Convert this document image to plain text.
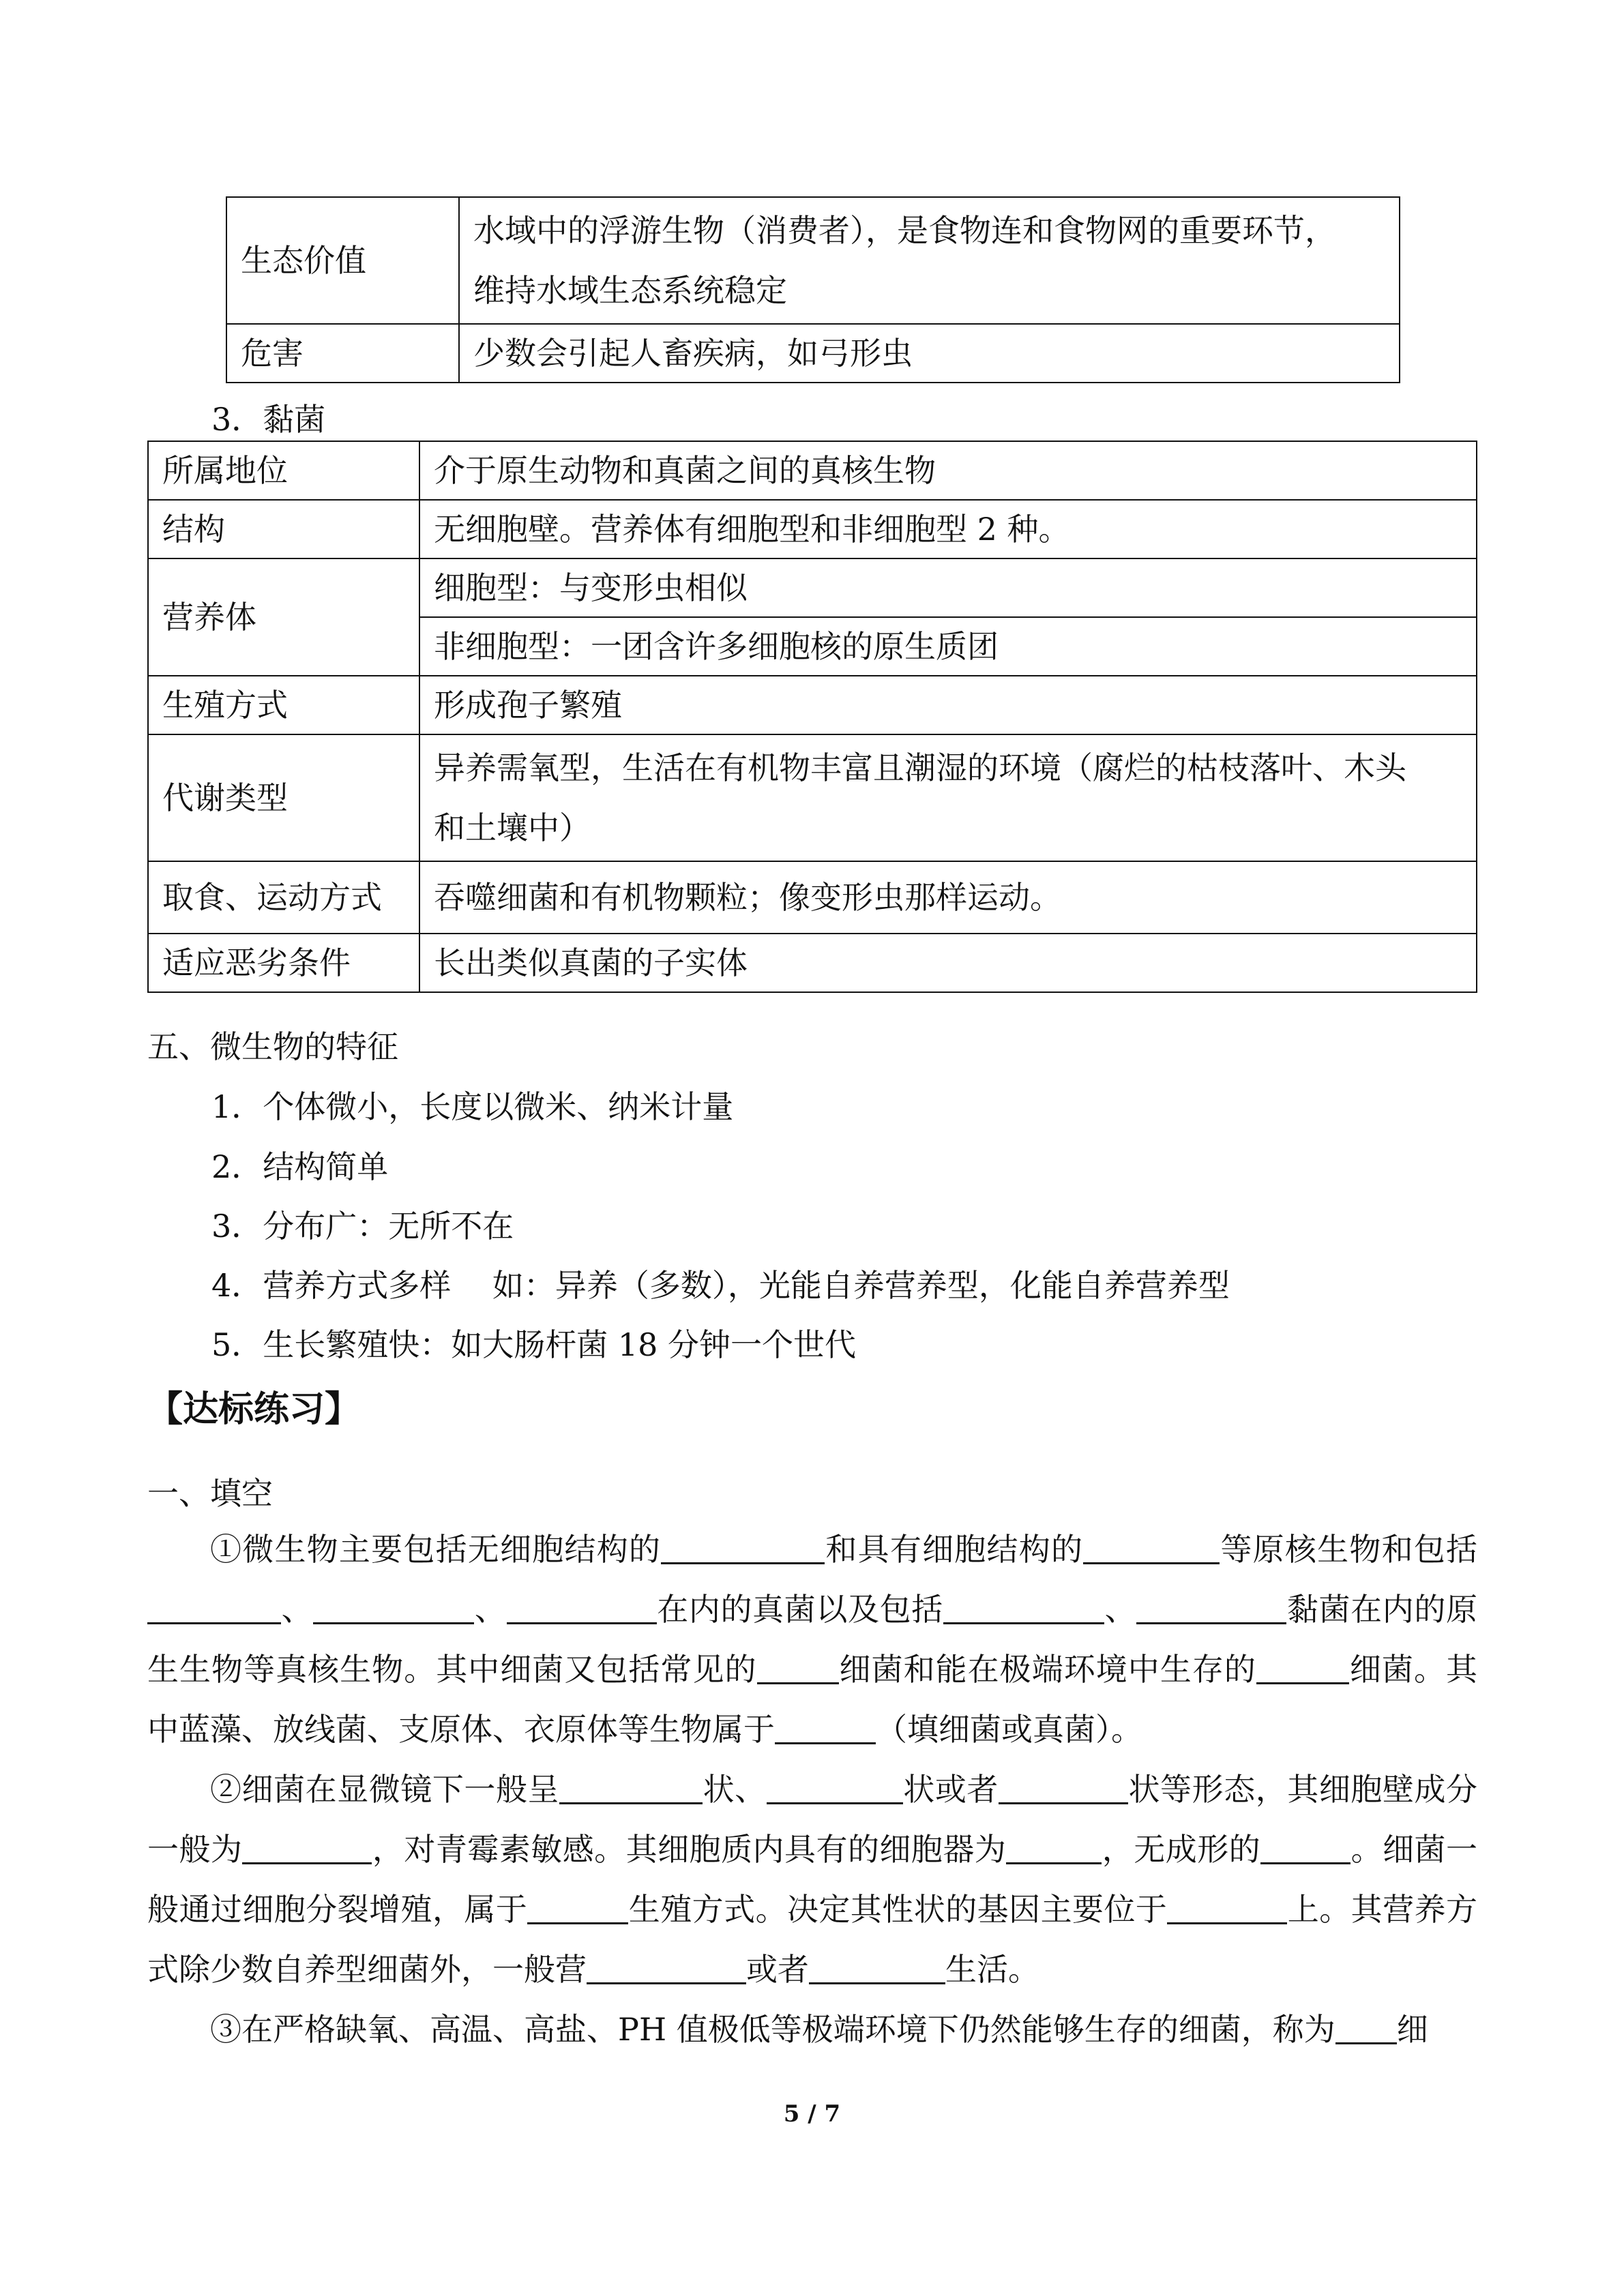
生态价值	水域中的浮游生物（消费者），是食物连和食物网的重要环节，
维持水域生态系统稳定

危害	少数会引起人畜疾病，如弓形虫
3．黏菌
所属地位	介于原生动物和真菌之间的真核生物
结构	无细胞壁。营养体有细胞型和非细胞型 2 种。
营养体	细胞型：与变形虫相似
	非细胞型：一团含许多细胞核的原生质团
生殖方式	形成孢子繁殖
代谢类型	异养需氧型，生活在有机物丰富且潮湿的环境（腐烂的枯枝落叶、木头
和土壤中）

取食、运动方式	吞噬细菌和有机物颗粒；像变形虫那样运动。
适应恶劣条件	长出类似真菌的子实体
五、微生物的特征
1．个体微小，长度以微米、纳米计量
2．结构简单
3．分布广：无所不在
4．营养方式多样　 如：异养（多数），光能自养营养型，化能自养营养型
5．生长繁殖快：如大肠杆菌 18 分钟一个世代
【达标练习】
一、填空
①微生物主要包括无细胞结构的	和具有细胞结构的	等原核生物和包括、	、	在内的真菌以及包括	、	黏菌在内的原生生物等真核生物。其中细菌又包括常见的	细菌和能在极端环境中生存的	细菌。其中蓝藻、放线菌、支原体、衣原体等生物属于	（填细菌或真菌）。
②细菌在显微镜下一般呈	状、	状或者	状等形态，其细胞壁成分一般为	，对青霉素敏感。其细胞质内具有的细胞器为	，无成形的	。细菌一般通过细胞分裂增殖，属于	生殖方式。决定其性状的基因主要位于	上。其营养方式除少数自养型细菌外，一般营	或者	生活。
③在严格缺氧、高温、高盐、PH 值极低等极端环境下仍然能够生存的细菌，称为 细
5 / 7
